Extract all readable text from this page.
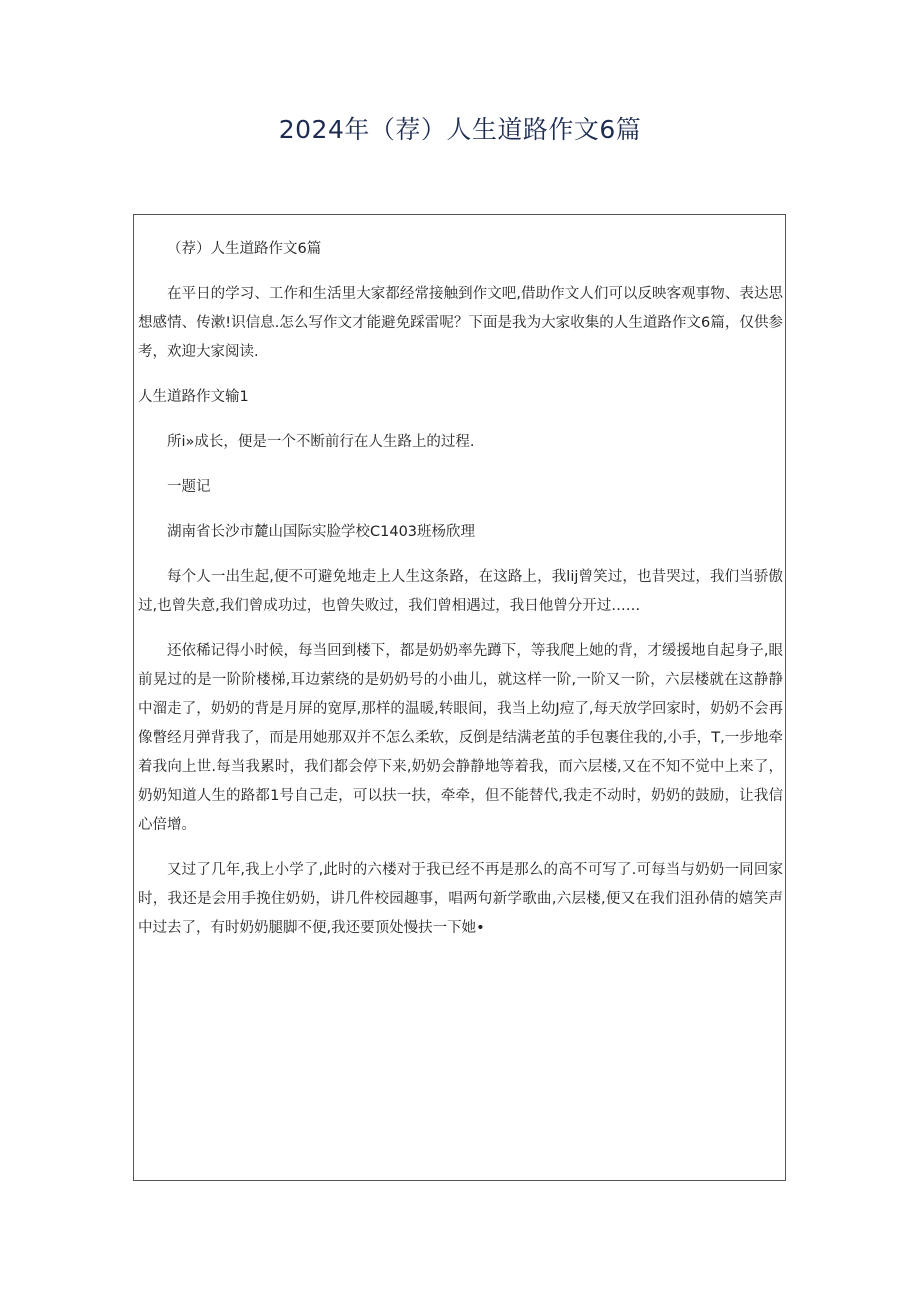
2024年（荐）人生道路作文6篇

（荐）人生道路作文6篇

在平日的学习、工作和生活里大家都经常接触到作文吧,借助作文人们可以反映客观事物、表达思想感情、传漱!识信息.怎么写作文才能避免踩雷呢？下面是我为大家收集的人生道路作文6篇，仅供参考，欢迎大家阅读.

人生道路作文输1

所i»成长，便是一个不断前行在人生路上的过程.

一题记

湖南省长沙市麓山国际实脸学校C1403班杨欣理

每个人一出生起,便不可避免地走上人生这条路，在这路上，我lij曾笑过，也昔哭过，我们当骄傲过,也曾失意,我们曾成功过，也曾失败过，我们曾相遇过，我日他曾分开过……

还依稀记得小时候，每当回到楼下，都是奶奶率先蹲下，等我爬上她的背，才缓援地自起身子,眼前晃过的是一阶阶楼梯,耳边萦绕的是奶奶号的小曲儿，就这样一阶,一阶又一阶，六层楼就在这静静中溜走了，奶奶的背是月屏的宽厚,那样的温暖,转眼间，我当上幼J痘了,每天放学回家时，奶奶不会再像瞥经月弹背我了，而是用她那双并不怎么柔软，反倒是结满老茧的手包裹住我的,小手，T,一步地牵着我向上世.每当我累时，我们都会停下来,奶奶会静静地等着我，而六层楼,又在不知不觉中上来了，奶奶知道人生的路都1号自己走，可以扶一扶，牵牵，但不能替代,我走不动时，奶奶的鼓励，让我信心倍增。

又过了几年,我上小学了,此时的六楼对于我已经不再是那么的高不可写了.可每当与奶奶一同回家时，我还是会用手挽住奶奶，讲几件校园趣事，唱两句新学歌曲,六层楼,便又在我们沮孙倩的嬉笑声中过去了，有时奶奶腿脚不便,我还要顶处慢扶一下她•
